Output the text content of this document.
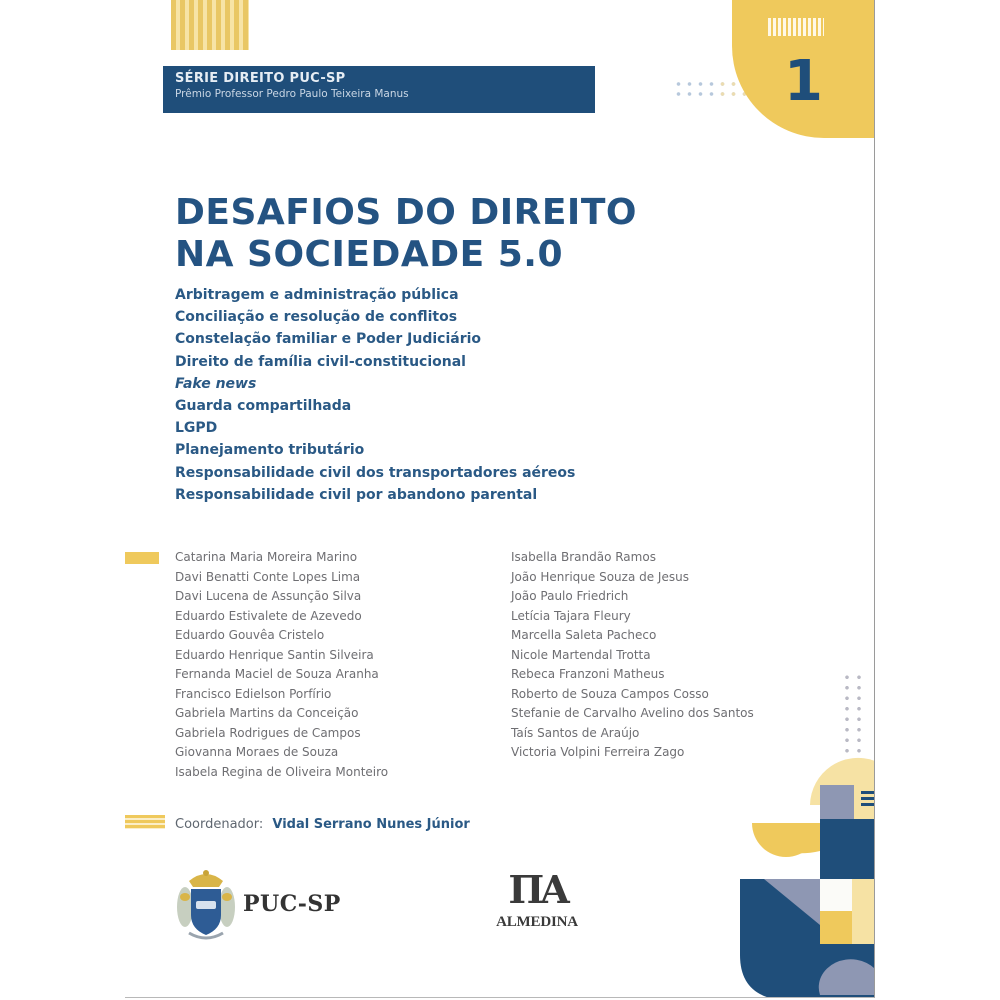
SÉRIE DIREITO PUC-SP
Prêmio Professor Pedro Paulo Teixeira Manus	1
DESAFIOS DO DIREITO
NA SOCIEDADE 5.0
Arbitragem e administração pública
Conciliação e resolução de conflitos
Constelação familiar e Poder Judiciário
Direito de família civil-constitucional
Fake news
Guarda compartilhada
LGPD
Planejamento tributário
Responsabilidade civil dos transportadores aéreos
Responsabilidade civil por abandono parental
Catarina Maria Moreira Marino
Davi Benatti Conte Lopes Lima
Davi Lucena de Assunção Silva
Eduardo Estivalete de Azevedo
Eduardo Gouvêa Cristelo
Eduardo Henrique Santin Silveira
Fernanda Maciel de Souza Aranha
Francisco Edielson Porfírio
Gabriela Martins da Conceição
Gabriela Rodrigues de Campos
Giovanna Moraes de Souza
Isabela Regina de Oliveira Monteiro
Isabella Brandão Ramos
João Henrique Souza de Jesus
João Paulo Friedrich
Letícia Tajara Fleury
Marcella Saleta Pacheco
Nicole Martendal Trotta
Rebeca Franzoni Matheus
Roberto de Souza Campos Cosso
Stefanie de Carvalho Avelino dos Santos
Taís Santos de Araújo
Victoria Volpini Ferreira Zago
Coordenador: Vidal Serrano Nunes Júnior
PUC-SP	ΠA
ALMEDINA
